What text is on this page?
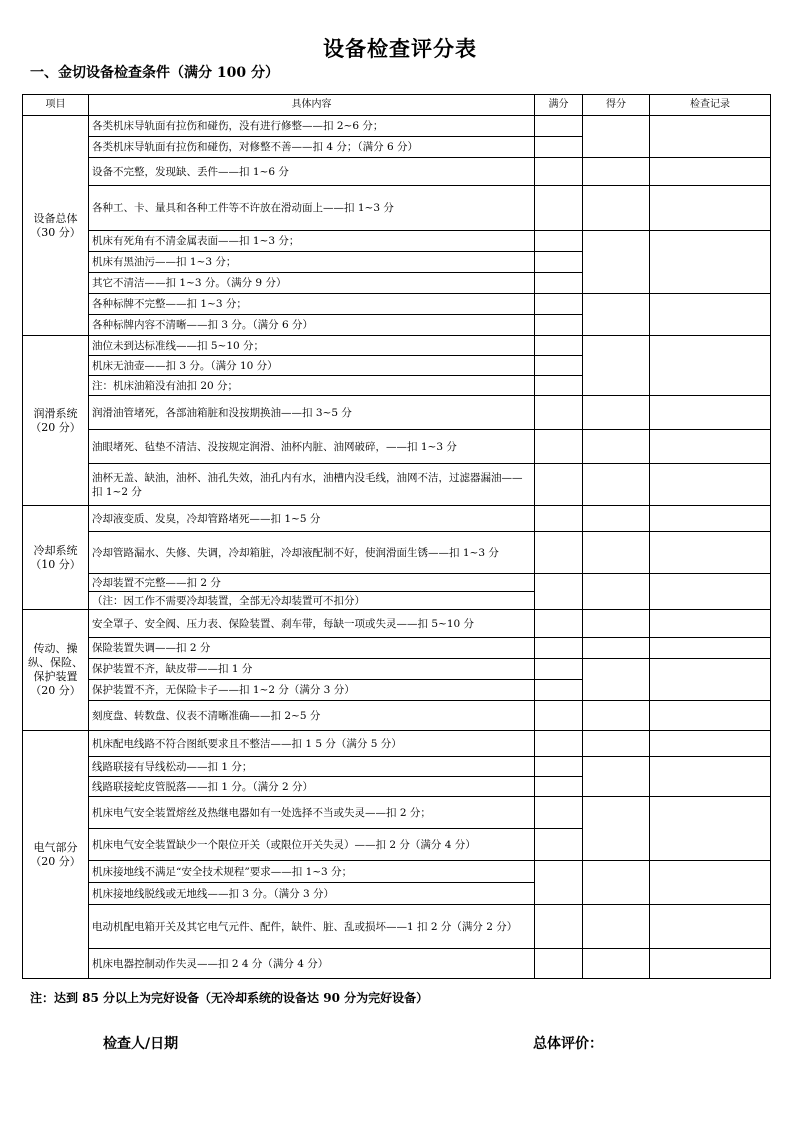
设备检查评分表
一、金切设备检查条件（满分 100 分）
项目	具体内容	满分	得分	检查记录

设备总体
（30 分）	各类机床导轨面有拉伤和碰伤，没有进行修整——扣 2~6 分；			
	各类机床导轨面有拉伤和碰伤，对修整不善——扣 4 分；（满分 6 分）			
	设备不完整，发现缺、丢件——扣 1~6 分			
	各种工、卡、量具和各种工件等不许放在滑动面上——扣 1~3 分			
	机床有死角有不清金属表面——扣 1~3 分；			
	机床有黑油污——扣 1~3 分；			
	其它不清洁——扣 1~3 分。（满分 9 分）			
	各种标牌不完整——扣 1~3 分；			
	各种标牌内容不清晰——扣 3 分。（满分 6 分）			

润滑系统
（20 分）	油位未到达标准线——扣 5~10 分；			
	机床无油壶——扣 3 分。（满分 10 分）			
	注：机床油箱没有油扣 20 分；			
	润滑油管堵死，各部油箱脏和没按期换油——扣 3~5 分			
	油眼堵死、毡垫不清洁、没按规定润滑、油杯内脏、油网破碎，——扣 1~3 分			
	油杯无盖、缺油，油杯、油孔失效，油孔内有水，油槽内没毛线，油网不洁，过滤器漏油——扣 1~2 分			

冷却系统
（10 分）	冷却液变质、发臭，冷却管路堵死——扣 1~5 分			
	冷却管路漏水、失修、失调，冷却箱脏，冷却液配制不好，使润滑面生锈——扣 1~3 分			
	冷却装置不完整——扣 2 分			
	（注：因工作不需要冷却装置，全部无冷却装置可不扣分）			

传动、操纵、保险、保护装置
（20 分）	安全罩子、安全阀、压力表、保险装置、刹车带，每缺一项或失灵——扣 5~10 分			
	保险装置失调——扣 2 分			
	保护装置不齐，缺皮带——扣 1 分			
	保护装置不齐，无保险卡子——扣 1~2 分（满分 3 分）			
	刻度盘、转数盘、仪表不清晰准确——扣 2~5 分			

电气部分
（20 分）	机床配电线路不符合图纸要求且不整洁——扣 1 5 分（满分 5 分）			
	线路联接有导线松动——扣 1 分；			
	线路联接蛇皮管脱落——扣 1 分。（满分 2 分）			
	机床电气安全装置熔丝及热继电器如有一处选择不当或失灵——扣 2 分；			
	机床电气安全装置缺少一个限位开关（或限位开关失灵）——扣 2 分（满分 4 分）			
	机床接地线不满足“安全技术规程”要求——扣 1~3 分；			
	机床接地线脱线或无地线——扣 3 分。（满分 3 分）			
	电动机配电箱开关及其它电气元件、配件，缺件、脏、乱或损坏——1 扣 2 分（满分 2 分）			
	机床电器控制动作失灵——扣 2 4 分（满分 4 分）			
注：达到 85 分以上为完好设备（无冷却系统的设备达 90 分为完好设备）
检查人/日期	总体评价：
